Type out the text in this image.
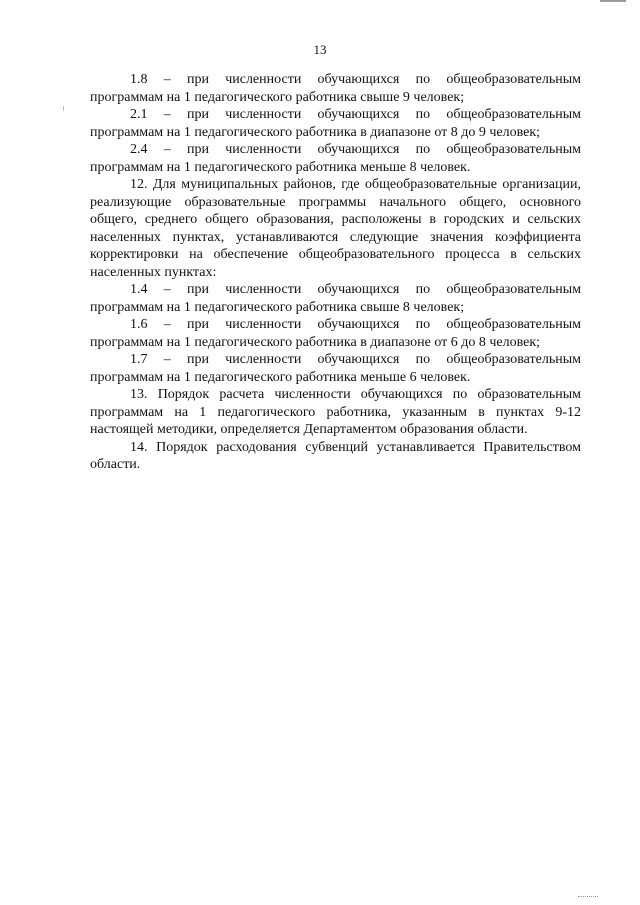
13

1.8 – при численности обучающихся по общеобразовательным программам на 1 педагогического работника свыше 9 человек;

2.1 – при численности обучающихся по общеобразовательным программам на 1 педагогического работника в диапазоне от 8 до 9 человек;

2.4 – при численности обучающихся по общеобразовательным программам на 1 педагогического работника меньше 8 человек.

12. Для муниципальных районов, где общеобразовательные организации, реализующие образовательные программы начального общего, основного общего, среднего общего образования, расположены в городских и сельских населенных пунктах, устанавливаются следующие значения коэффициента корректировки на обеспечение общеобразовательного процесса в сельских населенных пунктах:

1.4 – при численности обучающихся по общеобразовательным программам на 1 педагогического работника свыше 8 человек;

1.6 – при численности обучающихся по общеобразовательным программам на 1 педагогического работника в диапазоне от 6 до 8 человек;

1.7 – при численности обучающихся по общеобразовательным программам на 1 педагогического работника меньше 6 человек.

13. Порядок расчета численности обучающихся по образовательным программам на 1 педагогического работника, указанным в пунктах 9-12 настоящей методики, определяется Департаментом образования области.

14. Порядок расходования субвенций устанавливается Правительством области.
